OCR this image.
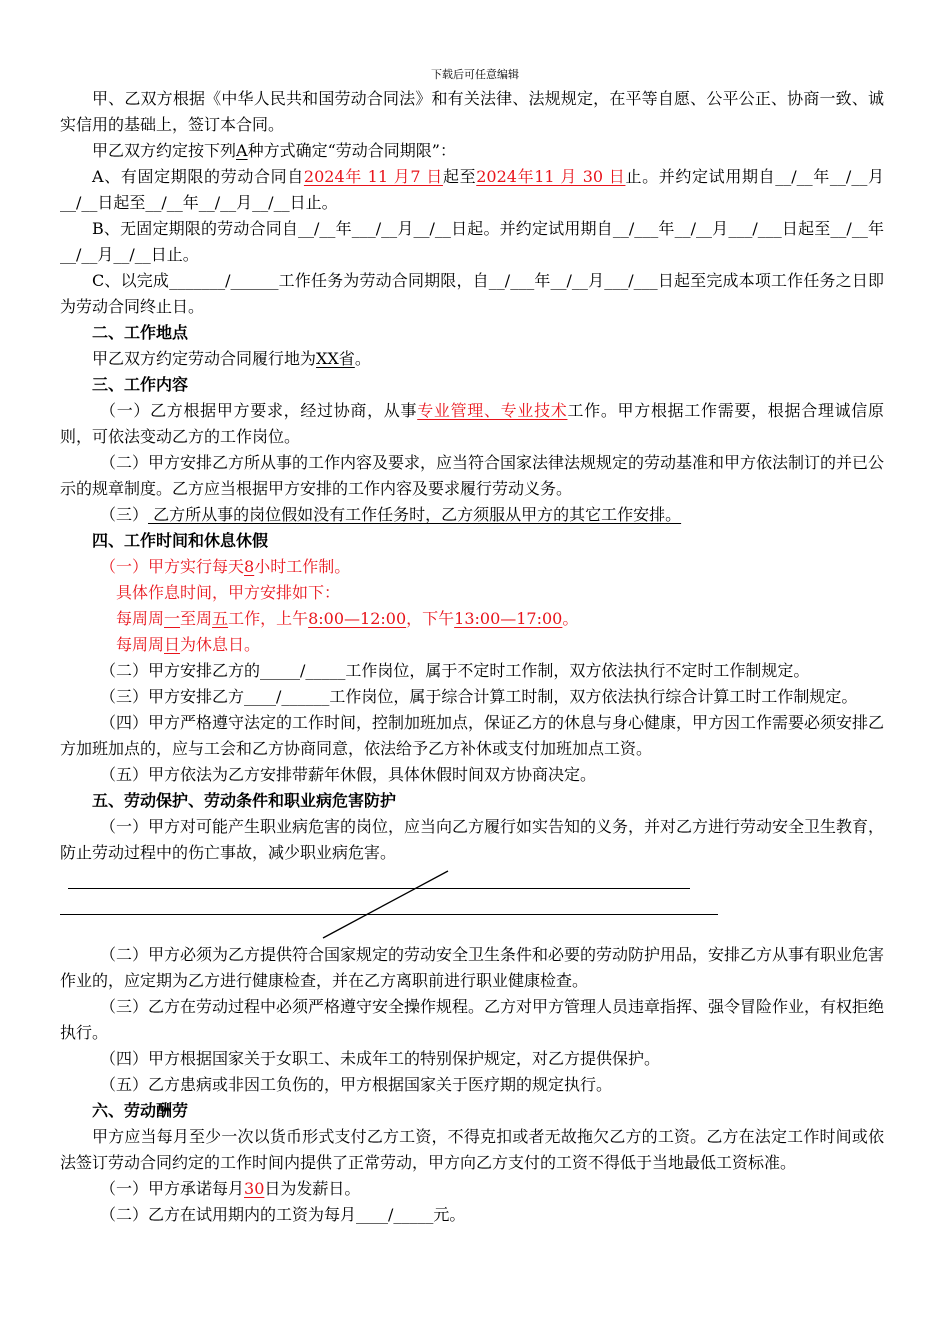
下载后可任意编辑

甲、乙双方根据《中华人民共和国劳动合同法》和有关法律、法规规定，在平等自愿、公平公正、协商一致、诚实信用的基础上，签订本合同。

甲乙双方约定按下列A种方式确定“劳动合同期限”：

A、有固定期限的劳动合同自2024年 11 月7 日起至2024年11 月 30 日止。并约定试用期自__/__年__/__月__/__日起至__/__年__/__月__/__日止。

B、无固定期限的劳动合同自__/__年___/__月__/__日起。并约定试用期自__/___年__/__月___/___日起至__/__年__/__月__/__日止。

C、以完成_______/______工作任务为劳动合同期限，自__/___年__/__月___/___日起至完成本项工作任务之日即为劳动合同终止日。

二、工作地点

甲乙双方约定劳动合同履行地为XX省。

三、工作内容

（一）乙方根据甲方要求，经过协商，从事专业管理、专业技术工作。甲方根据工作需要，根据合理诚信原则，可依法变动乙方的工作岗位。

（二）甲方安排乙方所从事的工作内容及要求，应当符合国家法律法规规定的劳动基准和甲方依法制订的并已公示的规章制度。乙方应当根据甲方安排的工作内容及要求履行劳动义务。

（三） 乙方所从事的岗位假如没有工作任务时，乙方须服从甲方的其它工作安排。

四、工作时间和休息休假

（一）甲方实行每天8小时工作制。

具体作息时间，甲方安排如下：

每周周一至周五工作，上午8:00—12:00，下午13:00—17:00。

每周周日为休息日。

（二）甲方安排乙方的_____/_____工作岗位，属于不定时工作制，双方依法执行不定时工作制规定。

（三）甲方安排乙方____/______工作岗位，属于综合计算工时制，双方依法执行综合计算工时工作制规定。

（四）甲方严格遵守法定的工作时间，控制加班加点，保证乙方的休息与身心健康，甲方因工作需要必须安排乙方加班加点的，应与工会和乙方协商同意，依法给予乙方补休或支付加班加点工资。

（五）甲方依法为乙方安排带薪年休假，具体休假时间双方协商决定。

五、劳动保护、劳动条件和职业病危害防护

（一）甲方对可能产生职业病危害的岗位，应当向乙方履行如实告知的义务，并对乙方进行劳动安全卫生教育，防止劳动过程中的伤亡事故，减少职业病危害。

（二）甲方必须为乙方提供符合国家规定的劳动安全卫生条件和必要的劳动防护用品，安排乙方从事有职业危害作业的，应定期为乙方进行健康检查，并在乙方离职前进行职业健康检查。

（三）乙方在劳动过程中必须严格遵守安全操作规程。乙方对甲方管理人员违章指挥、强令冒险作业，有权拒绝执行。

（四）甲方根据国家关于女职工、未成年工的特别保护规定，对乙方提供保护。

（五）乙方患病或非因工负伤的，甲方根据国家关于医疗期的规定执行。

六、劳动酬劳

甲方应当每月至少一次以货币形式支付乙方工资，不得克扣或者无故拖欠乙方的工资。乙方在法定工作时间或依法签订劳动合同约定的工作时间内提供了正常劳动，甲方向乙方支付的工资不得低于当地最低工资标准。

（一）甲方承诺每月30日为发薪日。

（二）乙方在试用期内的工资为每月____/_____元。
